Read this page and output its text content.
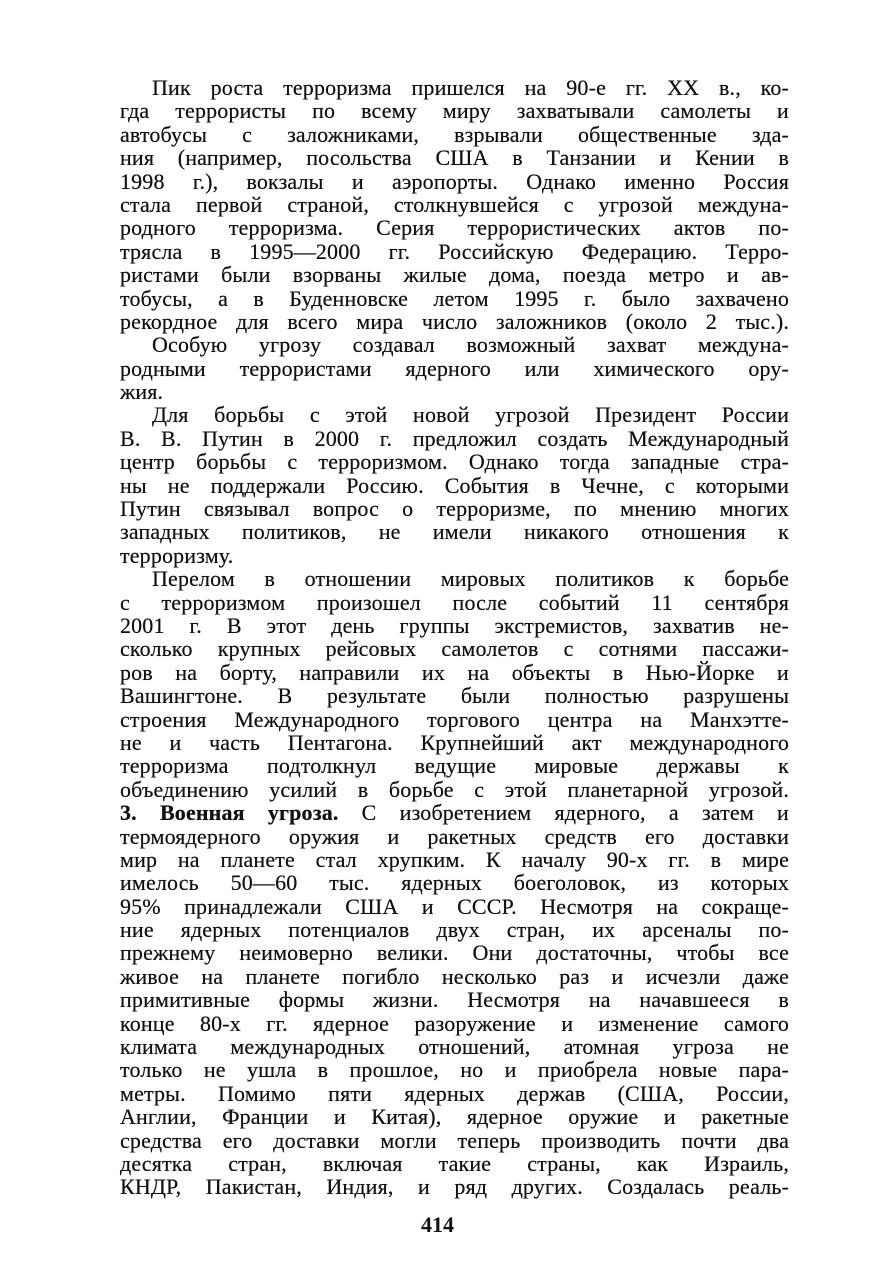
Пик роста терроризма пришелся на 90-е гг. XX в., ко-
гда террористы по всему миру захватывали самолеты и
автобусы с заложниками, взрывали общественные зда-
ния (например, посольства США в Танзании и Кении в
1998 г.), вокзалы и аэропорты. Однако именно Россия
стала первой страной, столкнувшейся с угрозой междуна-
родного терроризма. Серия террористических актов по-
трясла в 1995—2000 гг. Российскую Федерацию. Терро-
ристами были взорваны жилые дома, поезда метро и ав-
тобусы, а в Буденновске летом 1995 г. было захвачено
рекордное для всего мира число заложников (около 2 тыс.).
Особую угрозу создавал возможный захват междуна-
родными террористами ядерного или химического ору-
жия.
Для борьбы с этой новой угрозой Президент России
В. В. Путин в 2000 г. предложил создать Международный
центр борьбы с терроризмом. Однако тогда западные стра-
ны не поддержали Россию. События в Чечне, с которыми
Путин связывал вопрос о терроризме, по мнению многих
западных политиков, не имели никакого отношения к
терроризму.
Перелом в отношении мировых политиков к борьбе
с терроризмом произошел после событий 11 сентября
2001 г. В этот день группы экстремистов, захватив не-
сколько крупных рейсовых самолетов с сотнями пассажи-
ров на борту, направили их на объекты в Нью-Йорке и
Вашингтоне. В результате были полностью разрушены
строения Международного торгового центра на Манхэтте-
не и часть Пентагона. Крупнейший акт международного
терроризма подтолкнул ведущие мировые державы к
объединению усилий в борьбе с этой планетарной угрозой.
3. Военная угроза. С изобретением ядерного, а затем и
термоядерного оружия и ракетных средств его доставки
мир на планете стал хрупким. К началу 90-х гг. в мире
имелось 50—60 тыс. ядерных боеголовок, из которых
95% принадлежали США и СССР. Несмотря на сокраще-
ние ядерных потенциалов двух стран, их арсеналы по-
прежнему неимоверно велики. Они достаточны, чтобы все
живое на планете погибло несколько раз и исчезли даже
примитивные формы жизни. Несмотря на начавшееся в
конце 80-х гг. ядерное разоружение и изменение самого
климата международных отношений, атомная угроза не
только не ушла в прошлое, но и приобрела новые пара-
метры. Помимо пяти ядерных держав (США, России,
Англии, Франции и Китая), ядерное оружие и ракетные
средства его доставки могли теперь производить почти два
десятка стран, включая такие страны, как Израиль,
КНДР, Пакистан, Индия, и ряд других. Создалась реаль-
414
